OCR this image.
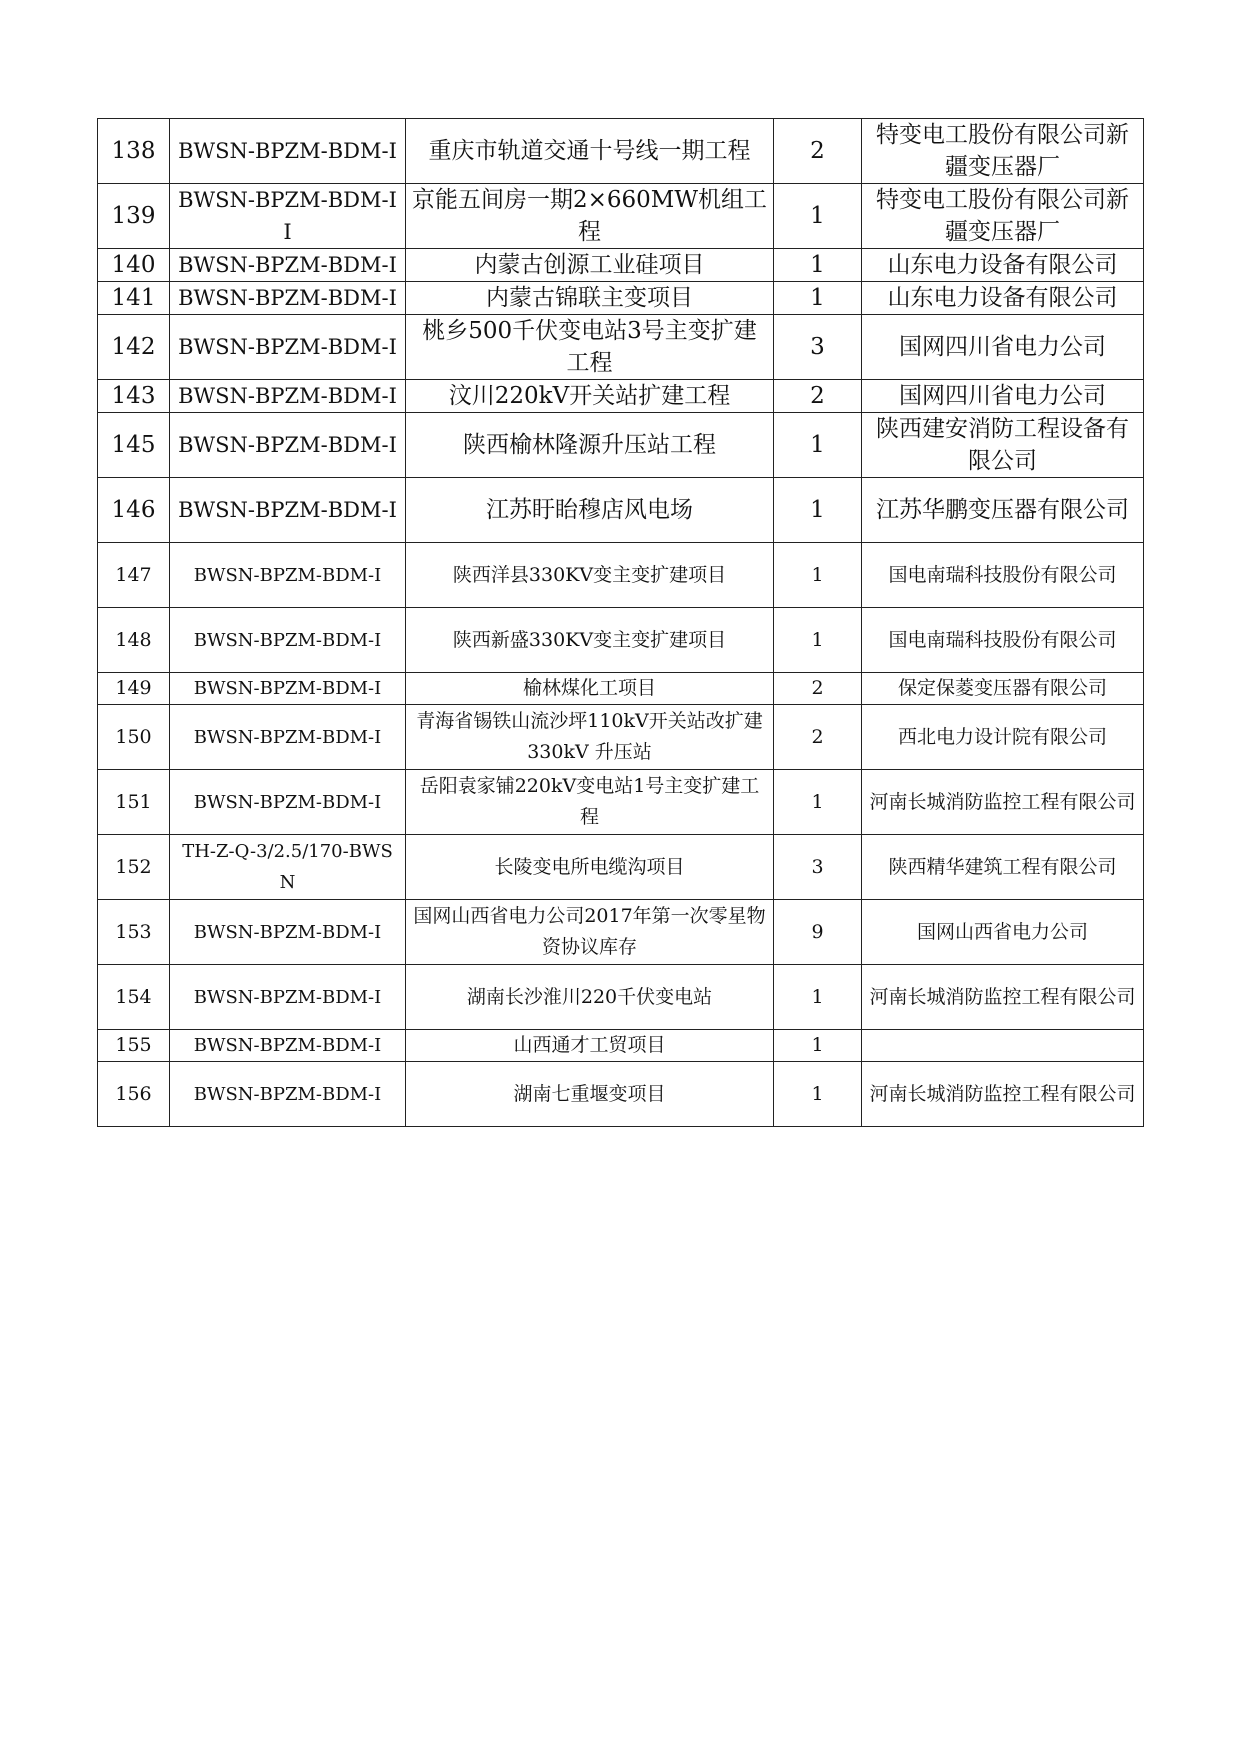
138	BWSN-BPZM-BDM-I	重庆市轨道交通十号线一期工程	2	特变电工股份有限公司新疆变压器厂
139	BWSN-BPZM-BDM-II	京能五间房一期2×660MW机组工程	1	特变电工股份有限公司新疆变压器厂
140	BWSN-BPZM-BDM-I	内蒙古创源工业硅项目	1	山东电力设备有限公司
141	BWSN-BPZM-BDM-I	内蒙古锦联主变项目	1	山东电力设备有限公司
142	BWSN-BPZM-BDM-I	桃乡500千伏变电站3号主变扩建工程	3	国网四川省电力公司
143	BWSN-BPZM-BDM-I	汶川220kV开关站扩建工程	2	国网四川省电力公司
145	BWSN-BPZM-BDM-I	陕西榆林隆源升压站工程	1	陕西建安消防工程设备有限公司
146	BWSN-BPZM-BDM-I	江苏盱眙穆店风电场	1	江苏华鹏变压器有限公司
147	BWSN-BPZM-BDM-I	陕西洋县330KV变主变扩建项目	1	国电南瑞科技股份有限公司
148	BWSN-BPZM-BDM-I	陕西新盛330KV变主变扩建项目	1	国电南瑞科技股份有限公司
149	BWSN-BPZM-BDM-I	榆林煤化工项目	2	保定保菱变压器有限公司
150	BWSN-BPZM-BDM-I	青海省锡铁山流沙坪110kV开关站改扩建330kV 升压站	2	西北电力设计院有限公司
151	BWSN-BPZM-BDM-I	岳阳袁家铺220kV变电站1号主变扩建工程	1	河南长城消防监控工程有限公司
152	TH-Z-Q-3/2.5/170-BWSN	长陵变电所电缆沟项目	3	陕西精华建筑工程有限公司
153	BWSN-BPZM-BDM-I	国网山西省电力公司2017年第一次零星物资协议库存	9	国网山西省电力公司
154	BWSN-BPZM-BDM-I	湖南长沙淮川220千伏变电站	1	河南长城消防监控工程有限公司
155	BWSN-BPZM-BDM-I	山西通才工贸项目	1	
156	BWSN-BPZM-BDM-I	湖南七重堰变项目	1	河南长城消防监控工程有限公司
